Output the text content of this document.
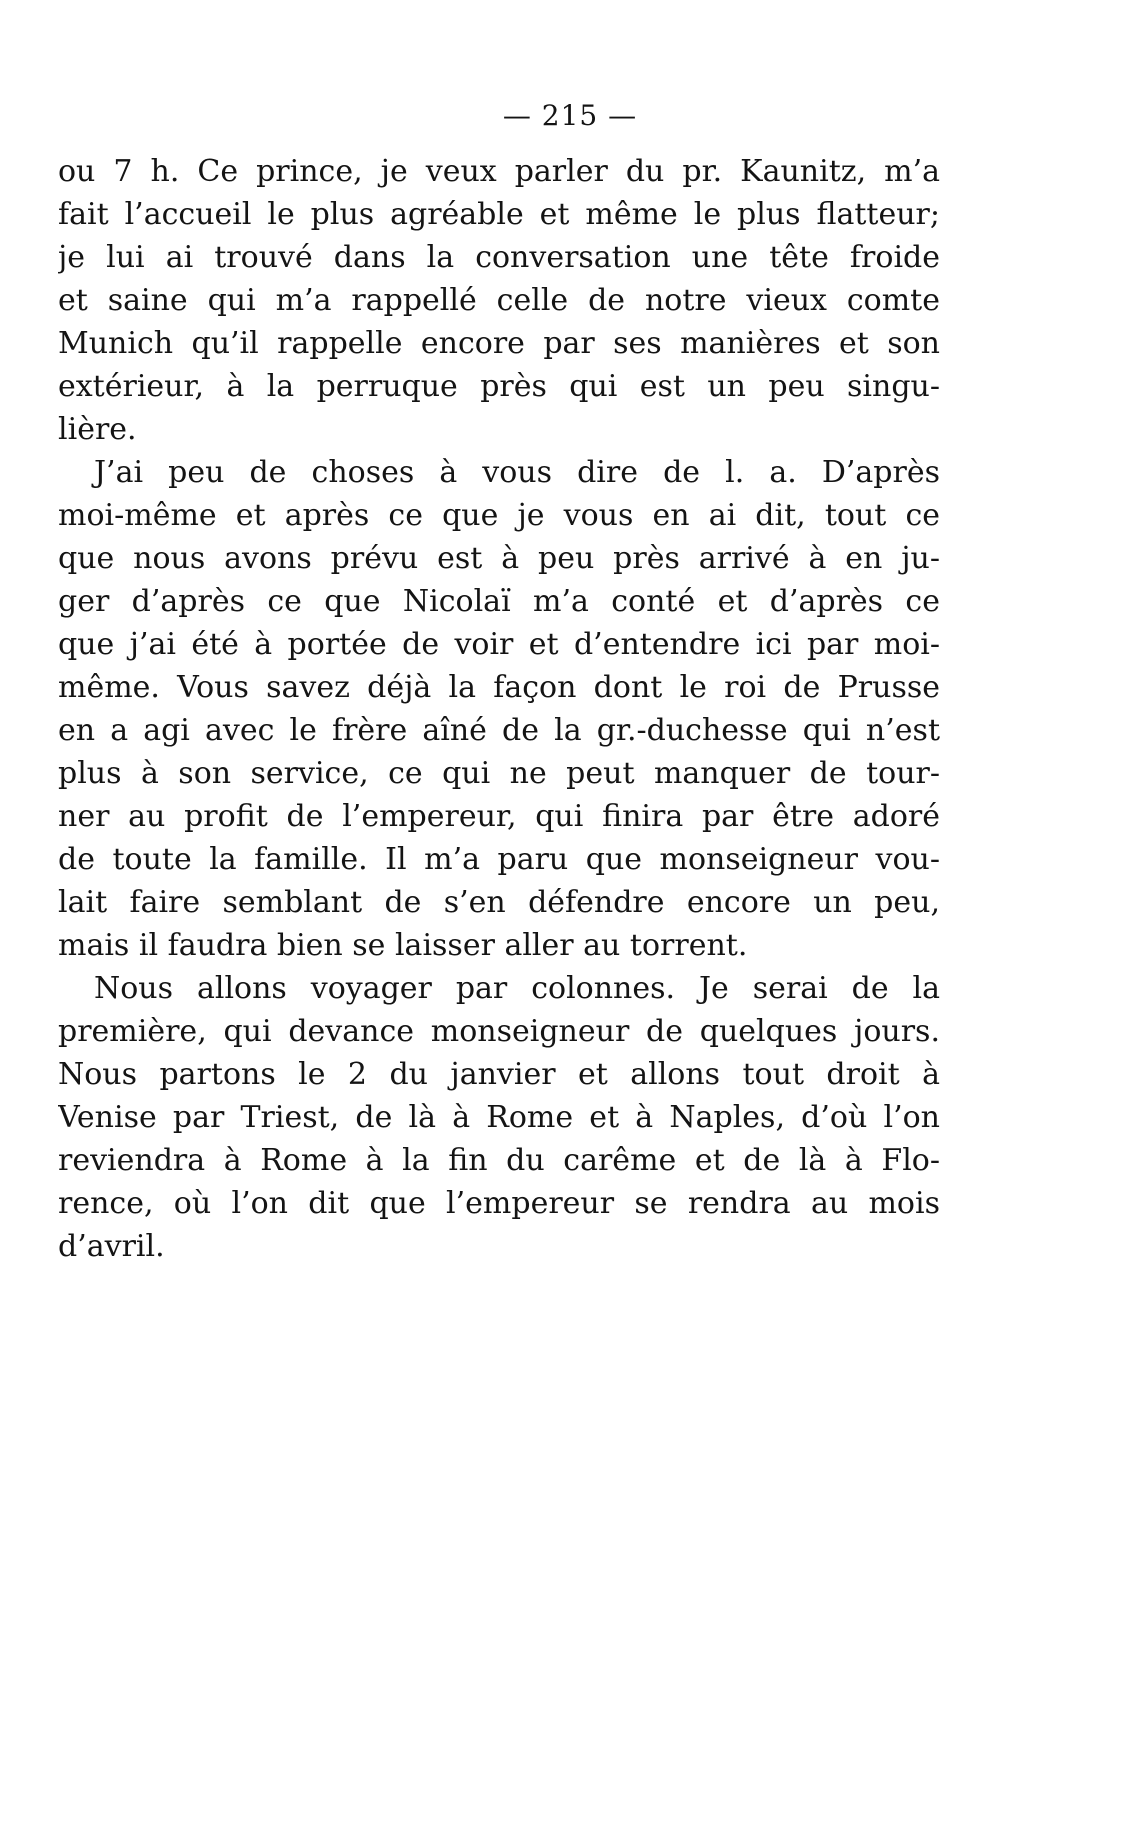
— 215 —
ou 7 h. Ce prince, je veux parler du pr. Kaunitz, m’a
fait l’accueil le plus agréable et même le plus flatteur;
je lui ai trouvé dans la conversation une tête froide
et saine qui m’a rappellé celle de notre vieux comte
Munich qu’il rappelle encore par ses manières et son
extérieur, à la perruque près qui est un peu singu-
lière.
J’ai peu de choses à vous dire de l. a. D’après
moi-même et après ce que je vous en ai dit, tout ce
que nous avons prévu est à peu près arrivé à en ju-
ger d’après ce que Nicolaï m’a conté et d’après ce
que j’ai été à portée de voir et d’entendre ici par moi-
même. Vous savez déjà la façon dont le roi de Prusse
en a agi avec le frère aîné de la gr.-duchesse qui n’est
plus à son service, ce qui ne peut manquer de tour-
ner au profit de l’empereur, qui finira par être adoré
de toute la famille. Il m’a paru que monseigneur vou-
lait faire semblant de s’en défendre encore un peu,
mais il faudra bien se laisser aller au torrent.
Nous allons voyager par colonnes. Je serai de la
première, qui devance monseigneur de quelques jours.
Nous partons le 2 du janvier et allons tout droit à
Venise par Triest, de là à Rome et à Naples, d’où l’on
reviendra à Rome à la fin du carême et de là à Flo-
rence, où l’on dit que l’empereur se rendra au mois
d’avril.
